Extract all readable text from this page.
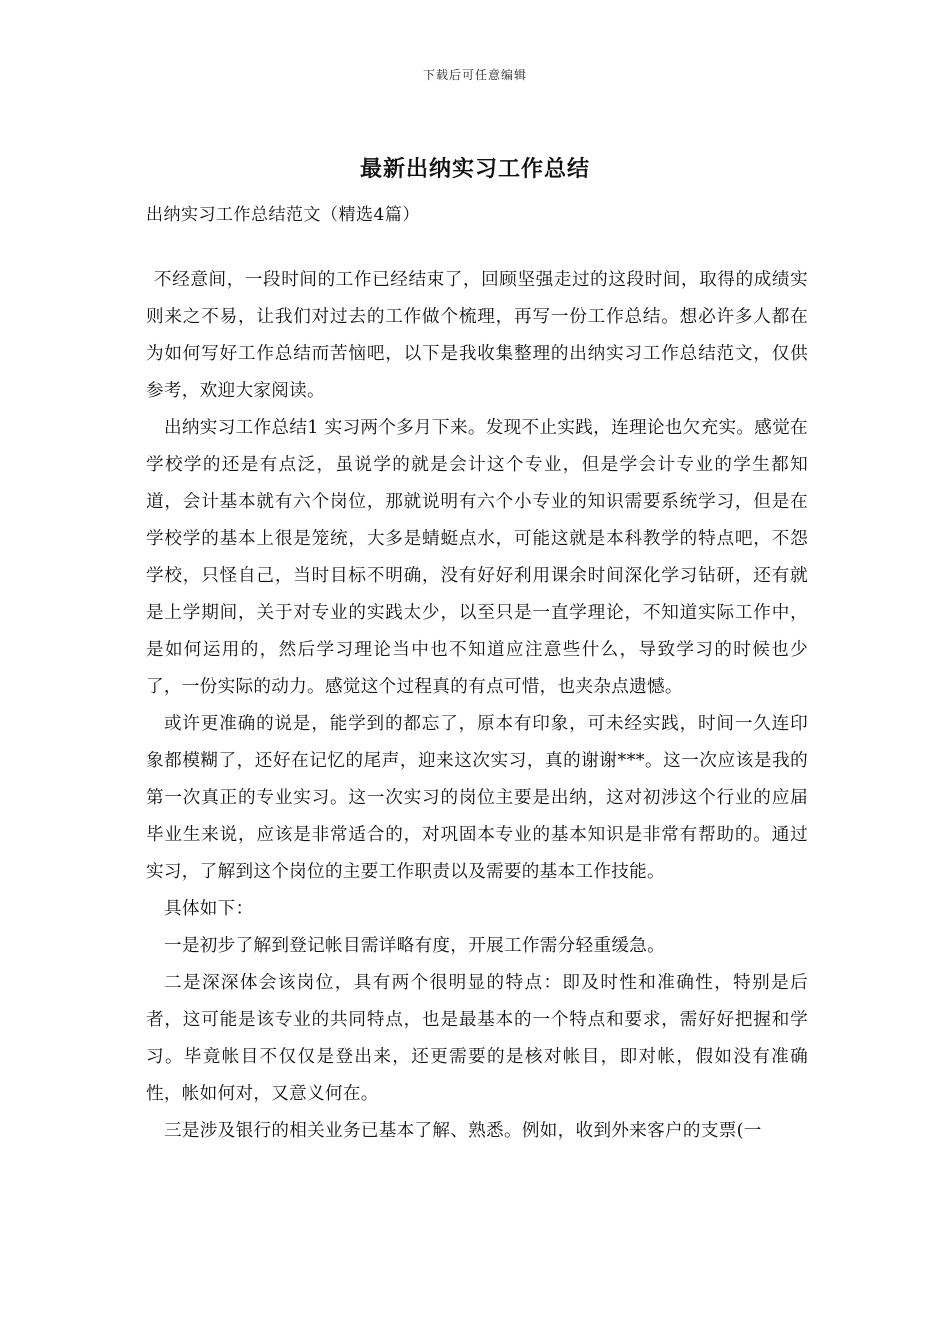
下载后可任意编辑
最新出纳实习工作总结
出纳实习工作总结范文（精选4篇）

不经意间，一段时间的工作已经结束了，回顾坚强走过的这段时间，取得的成绩实则来之不易，让我们对过去的工作做个梳理，再写一份工作总结。想必许多人都在为如何写好工作总结而苦恼吧，以下是我收集整理的出纳实习工作总结范文，仅供参考，欢迎大家阅读。

出纳实习工作总结1 实习两个多月下来。发现不止实践，连理论也欠充实。感觉在学校学的还是有点泛，虽说学的就是会计这个专业，但是学会计专业的学生都知道，会计基本就有六个岗位，那就说明有六个小专业的知识需要系统学习，但是在学校学的基本上很是笼统，大多是蜻蜓点水，可能这就是本科教学的特点吧，不怨学校，只怪自己，当时目标不明确，没有好好利用课余时间深化学习钻研，还有就是上学期间，关于对专业的实践太少，以至只是一直学理论，不知道实际工作中，是如何运用的，然后学习理论当中也不知道应注意些什么，导致学习的时候也少了，一份实际的动力。感觉这个过程真的有点可惜，也夹杂点遗憾。

或许更准确的说是，能学到的都忘了，原本有印象，可未经实践，时间一久连印象都模糊了，还好在记忆的尾声，迎来这次实习，真的谢谢***。这一次应该是我的第一次真正的专业实习。这一次实习的岗位主要是出纳，这对初涉这个行业的应届毕业生来说，应该是非常适合的，对巩固本专业的基本知识是非常有帮助的。通过实习，了解到这个岗位的主要工作职责以及需要的基本工作技能。

具体如下：

一是初步了解到登记帐目需详略有度，开展工作需分轻重缓急。

二是深深体会该岗位，具有两个很明显的特点：即及时性和准确性，特别是后者，这可能是该专业的共同特点，也是最基本的一个特点和要求，需好好把握和学习。毕竟帐目不仅仅是登出来，还更需要的是核对帐目，即对帐，假如没有准确性，帐如何对，又意义何在。

三是涉及银行的相关业务已基本了解、熟悉。例如，收到外来客户的支票(一
